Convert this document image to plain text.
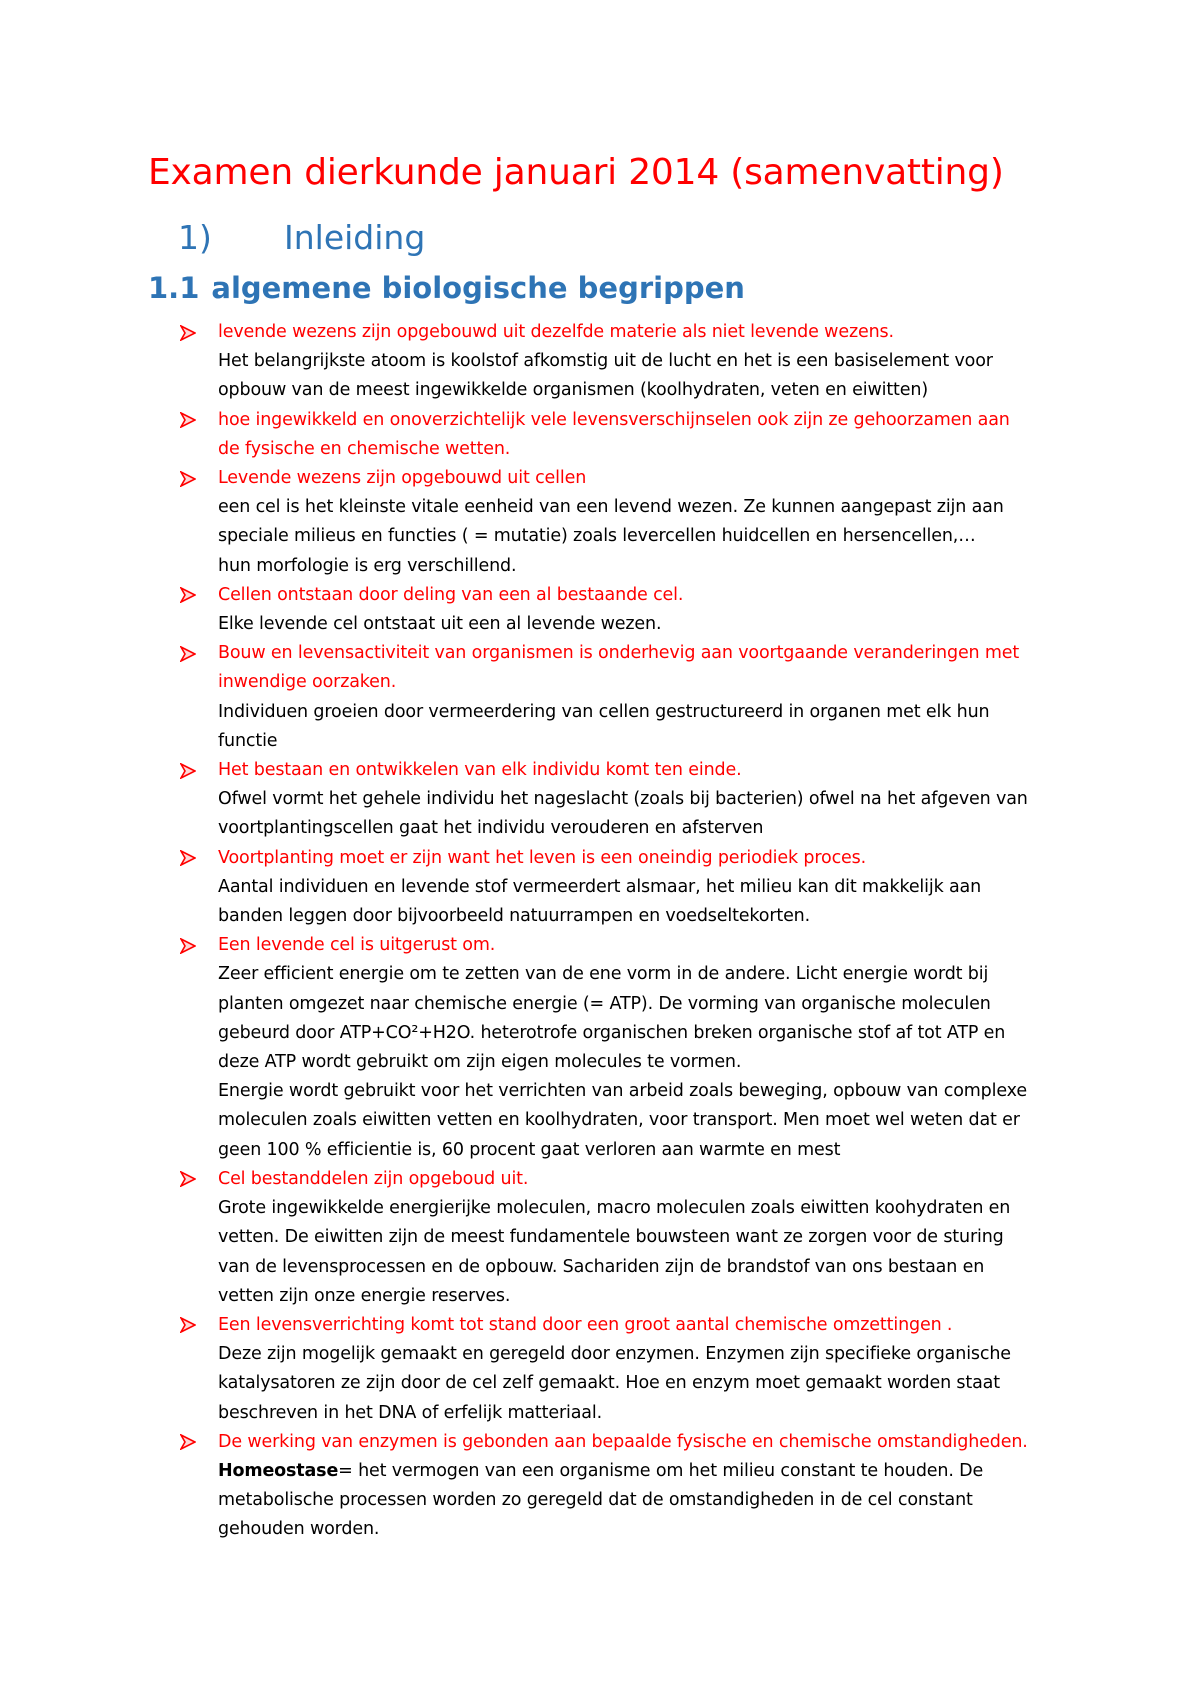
Examen dierkunde januari 2014 (samenvatting)
1)	Inleiding
1.1 algemene biologische begrippen
levende wezens zijn opgebouwd uit dezelfde materie als niet levende wezens.
Het belangrijkste atoom is koolstof afkomstig uit de lucht en het is een basiselement voor
opbouw van de meest ingewikkelde organismen (koolhydraten, veten en eiwitten)
hoe ingewikkeld en onoverzichtelijk vele levensverschijnselen ook zijn ze gehoorzamen aan
de fysische en chemische wetten.
Levende wezens zijn opgebouwd uit cellen
een cel is het kleinste vitale eenheid van een levend wezen. Ze kunnen aangepast zijn aan
speciale milieus en functies ( = mutatie) zoals levercellen huidcellen en hersencellen,…
hun morfologie is erg verschillend.
Cellen ontstaan door deling van een al bestaande cel.
Elke levende cel ontstaat uit een al levende wezen.
Bouw en levensactiviteit van organismen is onderhevig aan voortgaande veranderingen met
inwendige oorzaken.
Individuen groeien door vermeerdering van cellen gestructureerd in organen met elk hun
functie
Het bestaan en ontwikkelen van elk individu komt ten einde.
Ofwel vormt het gehele individu het nageslacht (zoals bij bacterien) ofwel na het afgeven van
voortplantingscellen gaat het individu verouderen en afsterven
Voortplanting moet er zijn want het leven is een oneindig periodiek proces.
Aantal individuen en levende stof vermeerdert alsmaar, het milieu kan dit makkelijk aan
banden leggen door bijvoorbeeld natuurrampen en voedseltekorten.
Een levende cel is uitgerust om.
Zeer efficient energie om te zetten van de ene vorm in de andere. Licht energie wordt bij
planten omgezet naar chemische energie (= ATP). De vorming van organische moleculen
gebeurd door ATP+CO²+H2O. heterotrofe organischen breken organische stof af tot ATP en
deze ATP wordt gebruikt om zijn eigen molecules te vormen.
Energie wordt gebruikt voor het verrichten van arbeid zoals beweging, opbouw van complexe
moleculen zoals eiwitten vetten en koolhydraten, voor transport. Men moet wel weten dat er
geen 100 % efficientie is, 60 procent gaat verloren aan warmte en mest
Cel bestanddelen zijn opgeboud uit.
Grote ingewikkelde energierijke moleculen, macro moleculen zoals eiwitten koohydraten en
vetten. De eiwitten zijn de meest fundamentele bouwsteen want ze zorgen voor de sturing
van de levensprocessen en de opbouw. Sachariden zijn de brandstof van ons bestaan en
vetten zijn onze energie reserves.
Een levensverrichting komt tot stand door een groot aantal chemische omzettingen .
Deze zijn mogelijk gemaakt en geregeld door enzymen. Enzymen zijn specifieke organische
katalysatoren ze zijn door de cel zelf gemaakt. Hoe en enzym moet gemaakt worden staat
beschreven in het DNA of erfelijk matteriaal.
De werking van enzymen is gebonden aan bepaalde fysische en chemische omstandigheden.
Homeostase= het vermogen van een organisme om het milieu constant te houden. De
metabolische processen worden zo geregeld dat de omstandigheden in de cel constant
gehouden worden.
